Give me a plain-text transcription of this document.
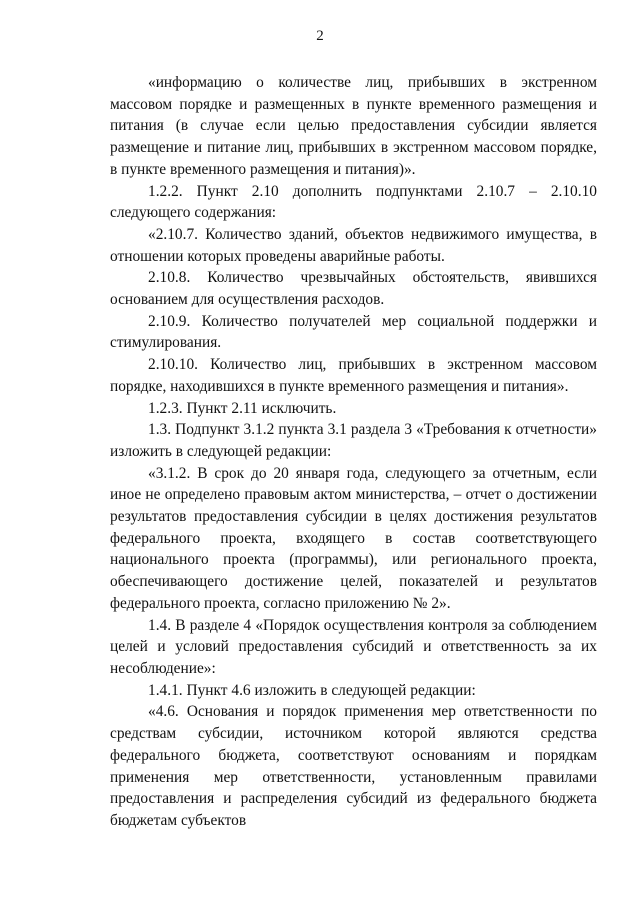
2

«информацию о количестве лиц, прибывших в экстренном массовом порядке и размещенных в пункте временного размещения и питания (в случае если целью предоставления субсидии является размещение и питание лиц, прибывших в экстренном массовом порядке, в пункте временного размещения и питания)».

1.2.2. Пункт 2.10 дополнить подпунктами 2.10.7 – 2.10.10 следующего содержания:

«2.10.7. Количество зданий, объектов недвижимого имущества, в отношении которых проведены аварийные работы.

2.10.8. Количество чрезвычайных обстоятельств, явившихся основанием для осуществления расходов.

2.10.9. Количество получателей мер социальной поддержки и стимулирования.

2.10.10. Количество лиц, прибывших в экстренном массовом порядке, находившихся в пункте временного размещения и питания».

1.2.3. Пункт 2.11 исключить.

1.3. Подпункт 3.1.2 пункта 3.1 раздела 3 «Требования к отчетности» изложить в следующей редакции:

«3.1.2. В срок до 20 января года, следующего за отчетным, если иное не определено правовым актом министерства, – отчет о достижении результатов предоставления субсидии в целях достижения результатов федерального проекта, входящего в состав соответствующего национального проекта (программы), или регионального проекта, обеспечивающего достижение целей, показателей и результатов федерального проекта, согласно приложению № 2».

1.4. В разделе 4 «Порядок осуществления контроля за соблюдением целей и условий предоставления субсидий и ответственность за их несоблюдение»:

1.4.1. Пункт 4.6 изложить в следующей редакции:

«4.6. Основания и порядок применения мер ответственности по средствам субсидии, источником которой являются средства федерального бюджета, соответствуют основаниям и порядкам применения мер ответственности, установленным правилами предоставления и распределения субсидий из федерального бюджета бюджетам субъектов
